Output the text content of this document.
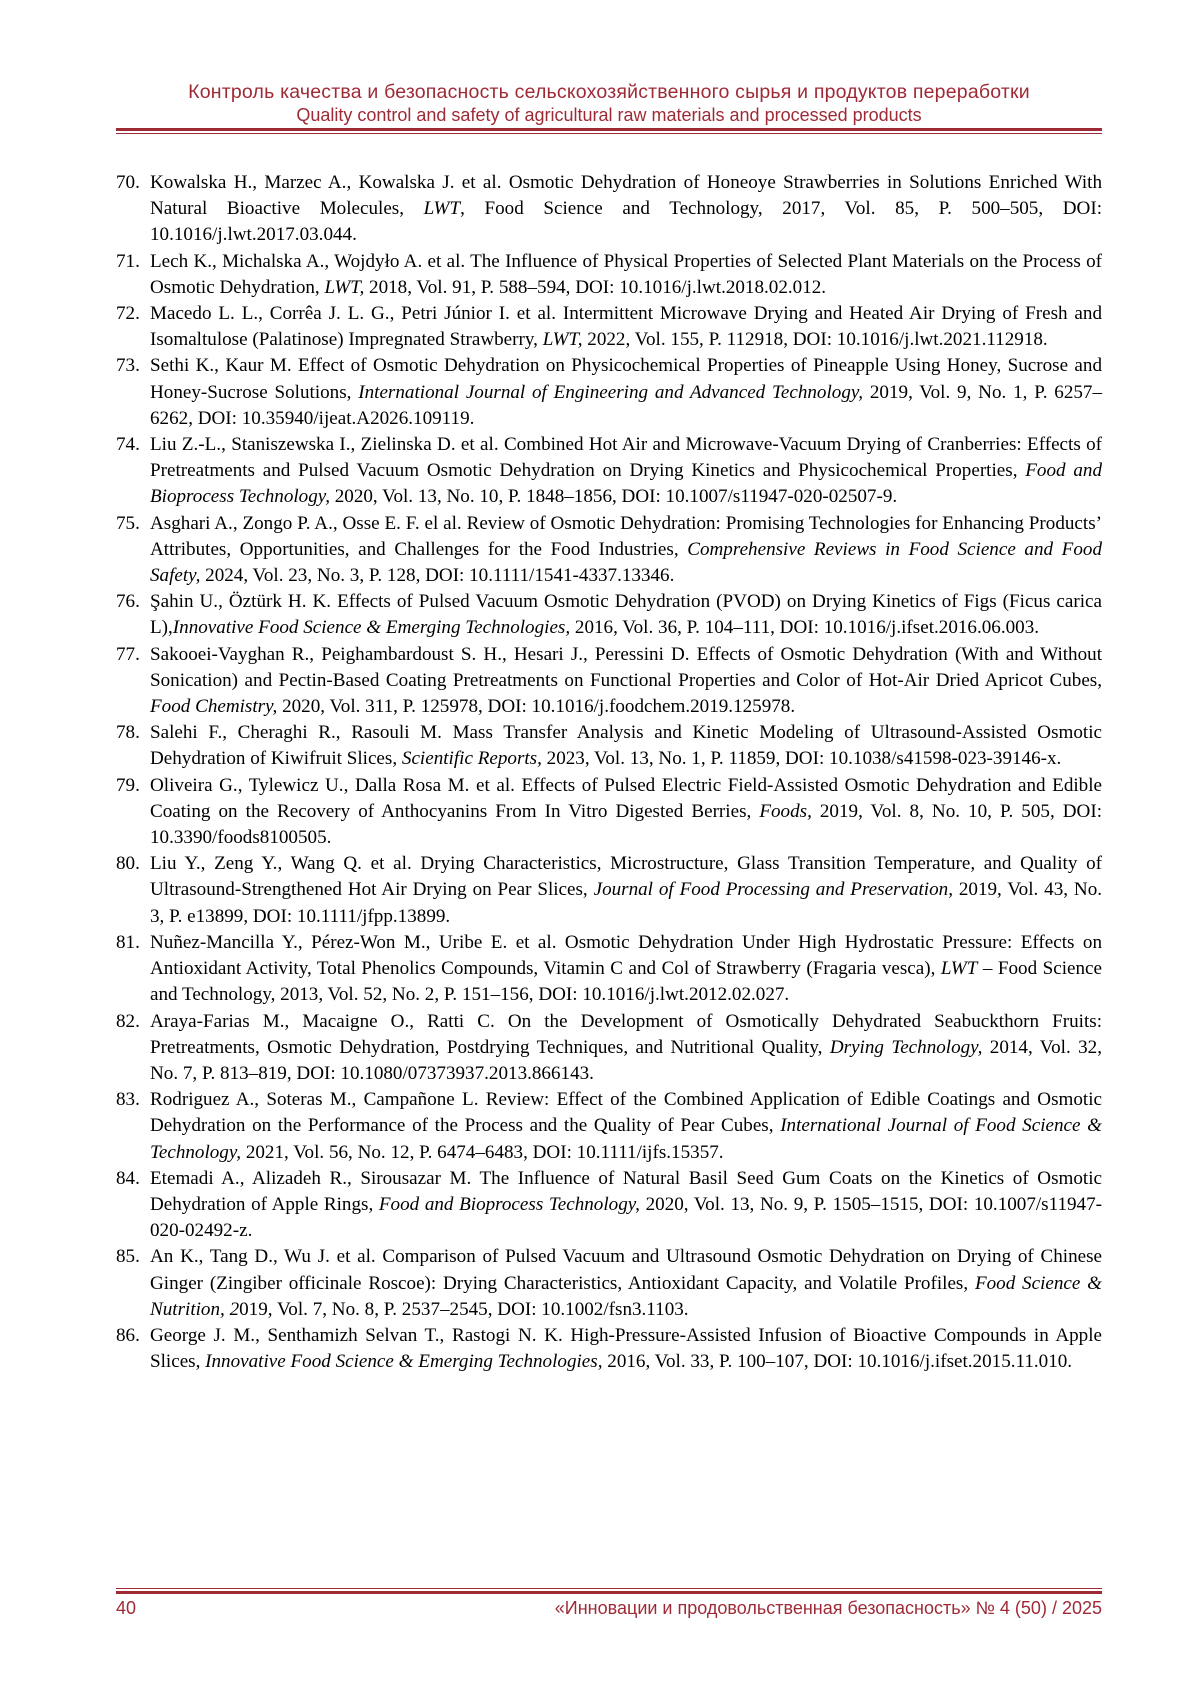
Контроль качества и безопасность сельскохозяйственного сырья и продуктов переработки
Quality control and safety of agricultural raw materials and processed products
70. Kowalska H., Marzec A., Kowalska J. et al. Osmotic Dehydration of Honeoye Strawberries in Solutions Enriched With Natural Bioactive Molecules, LWT, Food Science and Technology, 2017, Vol. 85, P. 500–505, DOI: 10.1016/j.lwt.2017.03.044.
71. Lech K., Michalska A., Wojdyło A. et al. The Influence of Physical Properties of Selected Plant Materials on the Process of Osmotic Dehydration, LWT, 2018, Vol. 91, P. 588–594, DOI: 10.1016/j.lwt.2018.02.012.
72. Macedo L. L., Corrêa J. L. G., Petri Júnior I. et al. Intermittent Microwave Drying and Heated Air Drying of Fresh and Isomaltulose (Palatinose) Impregnated Strawberry, LWT, 2022, Vol. 155, P. 112918, DOI: 10.1016/j.lwt.2021.112918.
73. Sethi K., Kaur M. Effect of Osmotic Dehydration on Physicochemical Properties of Pineapple Using Honey, Sucrose and Honey-Sucrose Solutions, International Journal of Engineering and Advanced Technology, 2019, Vol. 9, No. 1, P. 6257–6262, DOI: 10.35940/ijeat.A2026.109119.
74. Liu Z.-L., Staniszewska I., Zielinska D. et al. Combined Hot Air and Microwave-Vacuum Drying of Cranberries: Effects of Pretreatments and Pulsed Vacuum Osmotic Dehydration on Drying Kinetics and Physicochemical Properties, Food and Bioprocess Technology, 2020, Vol. 13, No. 10, P. 1848–1856, DOI: 10.1007/s11947-020-02507-9.
75. Asghari A., Zongo P. A., Osse E. F. el al. Review of Osmotic Dehydration: Promising Technologies for Enhancing Products’ Attributes, Opportunities, and Challenges for the Food Industries, Comprehensive Reviews in Food Science and Food Safety, 2024, Vol. 23, No. 3, P. 128, DOI: 10.1111/1541-4337.13346.
76. Şahin U., Öztürk H. K. Effects of Pulsed Vacuum Osmotic Dehydration (PVOD) on Drying Kinetics of Figs (Ficus carica L),Innovative Food Science & Emerging Technologies, 2016, Vol. 36, P. 104–111, DOI: 10.1016/j.ifset.2016.06.003.
77. Sakooei-Vayghan R., Peighambardoust S. H., Hesari J., Peressini D. Effects of Osmotic Dehydration (With and Without Sonication) and Pectin-Based Coating Pretreatments on Functional Properties and Color of Hot-Air Dried Apricot Cubes, Food Chemistry, 2020, Vol. 311, P. 125978, DOI: 10.1016/j.foodchem.2019.125978.
78. Salehi F., Cheraghi R., Rasouli M. Mass Transfer Analysis and Kinetic Modeling of Ultrasound-Assisted Osmotic Dehydration of Kiwifruit Slices, Scientific Reports, 2023, Vol. 13, No. 1, P. 11859, DOI: 10.1038/s41598-023-39146-x.
79. Oliveira G., Tylewicz U., Dalla Rosa M. et al. Effects of Pulsed Electric Field-Assisted Osmotic Dehydration and Edible Coating on the Recovery of Anthocyanins From In Vitro Digested Berries, Foods, 2019, Vol. 8, No. 10, P. 505, DOI: 10.3390/foods8100505.
80. Liu Y., Zeng Y., Wang Q. et al. Drying Characteristics, Microstructure, Glass Transition Temperature, and Quality of Ultrasound-Strengthened Hot Air Drying on Pear Slices, Journal of Food Processing and Preservation, 2019, Vol. 43, No. 3, P. e13899, DOI: 10.1111/jfpp.13899.
81. Nuñez-Mancilla Y., Pérez-Won M., Uribe E. et al. Osmotic Dehydration Under High Hydrostatic Pressure: Effects on Antioxidant Activity, Total Phenolics Compounds, Vitamin C and Col of Strawberry (Fragaria vesca), LWT – Food Science and Technology, 2013, Vol. 52, No. 2, P. 151–156, DOI: 10.1016/j.lwt.2012.02.027.
82. Araya-Farias M., Macaigne O., Ratti C. On the Development of Osmotically Dehydrated Seabuckthorn Fruits: Pretreatments, Osmotic Dehydration, Postdrying Techniques, and Nutritional Quality, Drying Technology, 2014, Vol. 32, No. 7, P. 813–819, DOI: 10.1080/07373937.2013.866143.
83. Rodriguez A., Soteras M., Campañone L. Review: Effect of the Combined Application of Edible Coatings and Osmotic Dehydration on the Performance of the Process and the Quality of Pear Cubes, International Journal of Food Science & Technology, 2021, Vol. 56, No. 12, P. 6474–6483, DOI: 10.1111/ijfs.15357.
84. Etemadi A., Alizadeh R., Sirousazar M. The Influence of Natural Basil Seed Gum Coats on the Kinetics of Osmotic Dehydration of Apple Rings, Food and Bioprocess Technology, 2020, Vol. 13, No. 9, P. 1505–1515, DOI: 10.1007/s11947-020-02492-z.
85. An K., Tang D., Wu J. et al. Comparison of Pulsed Vacuum and Ultrasound Osmotic Dehydration on Drying of Chinese Ginger (Zingiber officinale Roscoe): Drying Characteristics, Antioxidant Capacity, and Volatile Profiles, Food Science & Nutrition, 2019, Vol. 7, No. 8, P. 2537–2545, DOI: 10.1002/fsn3.1103.
86. George J. M., Senthamizh Selvan T., Rastogi N. K. High-Pressure-Assisted Infusion of Bioactive Compounds in Apple Slices, Innovative Food Science & Emerging Technologies, 2016, Vol. 33, P. 100–107, DOI: 10.1016/j.ifset.2015.11.010.
40	«Инновации и продовольственная безопасность» № 4 (50) / 2025
